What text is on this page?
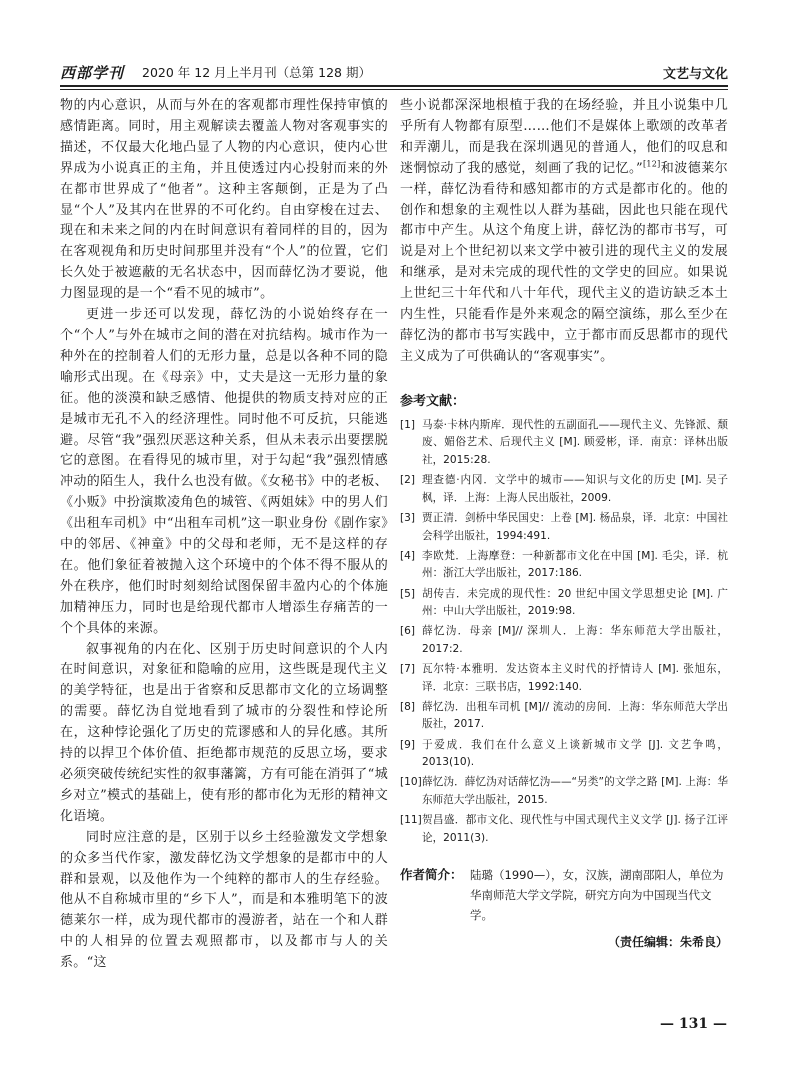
西部学刊 2020 年 12 月上半月刊（总第 128 期）	文艺与文化

物的内心意识，从而与外在的客观都市理性保持审慎的感情距离。同时，用主观解读去覆盖人物对客观事实的描述，不仅最大化地凸显了人物的内心意识，使内心世界成为小说真正的主角，并且使透过内心投射而来的外在都市世界成了“他者”。这种主客颠倒，正是为了凸显“个人”及其内在世界的不可化约。自由穿梭在过去、现在和未来之间的内在时间意识有着同样的目的，因为在客观视角和历史时间那里并没有“个人”的位置，它们长久处于被遮蔽的无名状态中，因而薛忆沩才要说，他力图显现的是一个“看不见的城市”。

更进一步还可以发现，薛忆沩的小说始终存在一个“个人”与外在城市之间的潜在对抗结构。城市作为一种外在的控制着人们的无形力量，总是以各种不同的隐喻形式出现。在《母亲》中，丈夫是这一无形力量的象征。他的淡漠和缺乏感情、他提供的物质支持对应的正是城市无孔不入的经济理性。同时他不可反抗，只能逃避。尽管“我”强烈厌恶这种关系，但从未表示出要摆脱它的意图。在看得见的城市里，对于勾起“我”强烈情感冲动的陌生人，我什么也没有做。《女秘书》中的老板、《小贩》中扮演欺凌角色的城管、《两姐妹》中的男人们《出租车司机》中“出租车司机”这一职业身份《剧作家》中的邻居、《神童》中的父母和老师，无不是这样的存在。他们象征着被抛入这个环境中的个体不得不服从的外在秩序，他们时时刻刻给试图保留丰盈内心的个体施加精神压力，同时也是给现代都市人增添生存痛苦的一个个具体的来源。

叙事视角的内在化、区别于历史时间意识的个人内在时间意识，对象征和隐喻的应用，这些既是现代主义的美学特征，也是出于省察和反思都市文化的立场调整的需要。薛忆沩自觉地看到了城市的分裂性和悖论所在，这种悖论强化了历史的荒谬感和人的异化感。其所持的以捍卫个体价值、拒绝都市规范的反思立场，要求必须突破传统纪实性的叙事藩篱，方有可能在消弭了“城乡对立”模式的基础上，使有形的都市化为无形的精神文化语境。

同时应注意的是，区别于以乡土经验激发文学想象的众多当代作家，激发薛忆沩文学想象的是都市中的人群和景观，以及他作为一个纯粹的都市人的生存经验。他从不自称城市里的“乡下人”，而是和本雅明笔下的波德莱尔一样，成为现代都市的漫游者，站在一个和人群中的人相异的位置去观照都市，以及都市与人的关系。“这

些小说都深深地根植于我的在场经验，并且小说集中几乎所有人物都有原型……他们不是媒体上歌颂的改革者和弄潮儿，而是我在深圳遇见的普通人，他们的叹息和迷惘惊动了我的感觉，刻画了我的记忆。”[12]和波德莱尔一样，薛忆沩看待和感知都市的方式是都市化的。他的创作和想象的主观性以人群为基础，因此也只能在现代都市中产生。从这个角度上讲，薛忆沩的都市书写，可说是对上个世纪初以来文学中被引进的现代主义的发展和继承，是对未完成的现代性的文学史的回应。如果说上世纪三十年代和八十年代，现代主义的造访缺乏本土内生性，只能看作是外来观念的隔空演练，那么至少在薛忆沩的都市书写实践中，立于都市而反思都市的现代主义成为了可供确认的“客观事实”。

参考文献：
[1] 马泰·卡林内斯库．现代性的五副面孔——现代主义、先锋派、颓废、媚俗艺术、后现代主义 [M]. 顾爱彬，译．南京：译林出版社，2015:28.
[2] 理查德·内冈．文学中的城市——知识与文化的历史 [M]. 吴子枫，译．上海：上海人民出版社，2009.
[3] 贾正清．剑桥中华民国史：上卷 [M]. 杨品泉，译．北京：中国社会科学出版社，1994:491.
[4] 李欧梵．上海摩登：一种新都市文化在中国 [M]. 毛尖，译．杭州：浙江大学出版社，2017:186.
[5] 胡传吉．未完成的现代性：20 世纪中国文学思想史论 [M]. 广州：中山大学出版社，2019:98.
[6] 薛忆沩．母亲 [M]// 深圳人．上海：华东师范大学出版社，2017:2.
[7] 瓦尔特·本雅明．发达资本主义时代的抒情诗人 [M]. 张旭东，译．北京：三联书店，1992:140.
[8] 薛忆沩．出租车司机 [M]// 流动的房间．上海：华东师范大学出版社，2017.
[9] 于爱成．我们在什么意义上谈新城市文学 [J]. 文艺争鸣，2013(10).
[10] 薛忆沩．薛忆沩对话薛忆沩——“另类”的文学之路 [M]. 上海：华东师范大学出版社，2015.
[11] 贺昌盛．都市文化、现代性与中国式现代主义文学 [J]. 扬子江评论，2011(3).
作者简介： 陆璐（1990—），女，汉族，湖南邵阳人，单位为华南师范大学文学院，研究方向为中国现当代文学。
（责任编辑：朱希良）
— 131 —
